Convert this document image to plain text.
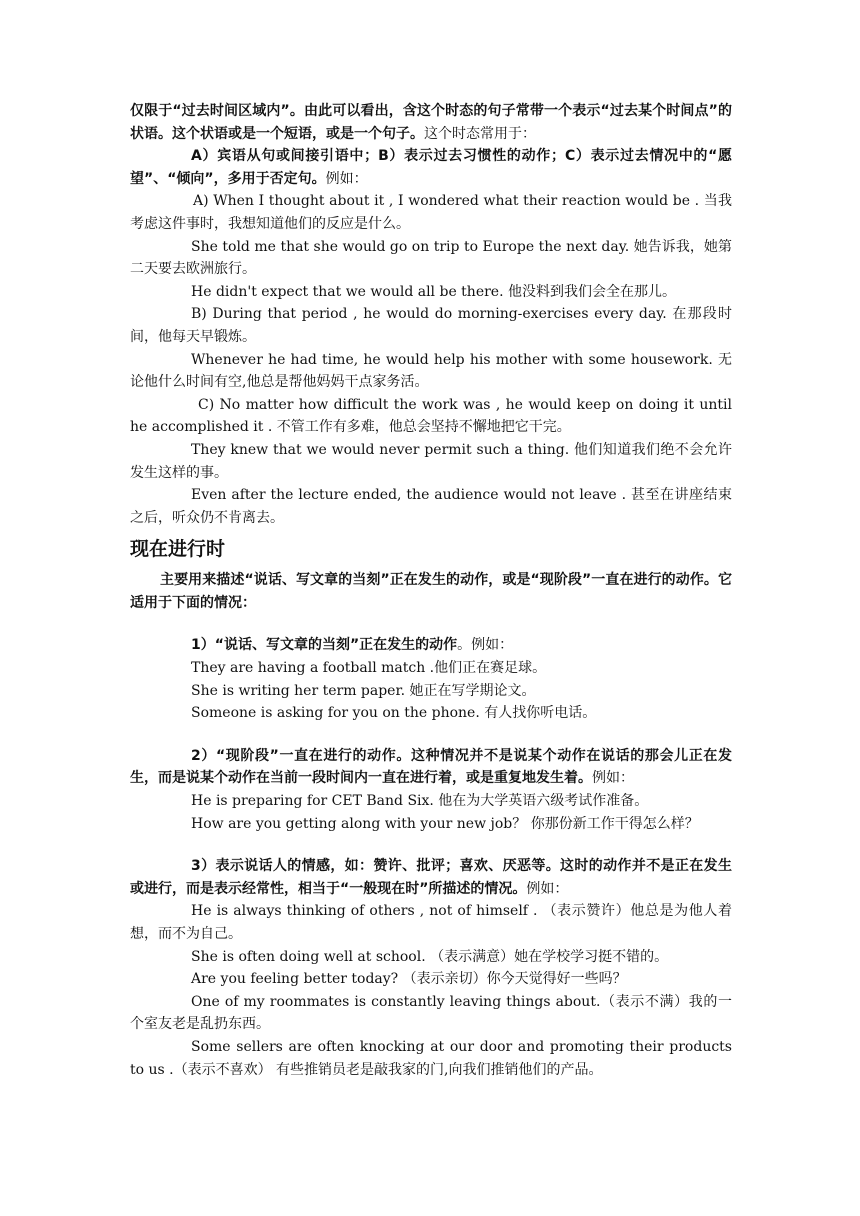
仅限于“过去时间区域内”。由此可以看出，含这个时态的句子常带一个表示“过去某个时间点”的状语。这个状语或是一个短语，或是一个句子。这个时态常用于：

A）宾语从句或间接引语中；B）表示过去习惯性的动作；C）表示过去情况中的“愿望”、“倾向”，多用于否定句。例如：

A) When I thought about it , I wondered what their reaction would be . 当我考虑这件事时，我想知道他们的反应是什么。

She told me that she would go on trip to Europe the next day. 她告诉我，她第二天要去欧洲旅行。

He didn't expect that we would all be there. 他没料到我们会全在那儿。

B) During that period , he would do morning-exercises every day. 在那段时间，他每天早锻炼。

Whenever he had time, he would help his mother with some housework. 无论他什么时间有空,他总是帮他妈妈干点家务活。

C) No matter how difficult the work was , he would keep on doing it until he accomplished it . 不管工作有多难，他总会坚持不懈地把它干完。

They knew that we would never permit such a thing. 他们知道我们绝不会允许发生这样的事。

Even after the lecture ended, the audience would not leave . 甚至在讲座结束之后，听众仍不肯离去。

现在进行时

主要用来描述“说话、写文章的当刻”正在发生的动作，或是“现阶段”一直在进行的动作。它适用于下面的情况：

1）“说话、写文章的当刻”正在发生的动作。例如：

They are having a football match .他们正在赛足球。

She is writing her term paper. 她正在写学期论文。

Someone is asking for you on the phone. 有人找你听电话。

2）“现阶段”一直在进行的动作。这种情况并不是说某个动作在说话的那会儿正在发生，而是说某个动作在当前一段时间内一直在进行着，或是重复地发生着。例如：

He is preparing for CET Band Six. 他在为大学英语六级考试作准备。

How are you getting along with your new job？ 你那份新工作干得怎么样？

3）表示说话人的情感，如：赞许、批评；喜欢、厌恶等。这时的动作并不是正在发生或进行，而是表示经常性，相当于“一般现在时”所描述的情况。例如：

He is always thinking of others , not of himself . （表示赞许）他总是为他人着想，而不为自己。

She is often doing well at school. （表示满意）她在学校学习挺不错的。

Are you feeling better today? （表示亲切）你今天觉得好一些吗？

One of my roommates is constantly leaving things about.（表示不满）我的一个室友老是乱扔东西。

Some sellers are often knocking at our door and promoting their products to us .（表示不喜欢） 有些推销员老是敲我家的门,向我们推销他们的产品。
